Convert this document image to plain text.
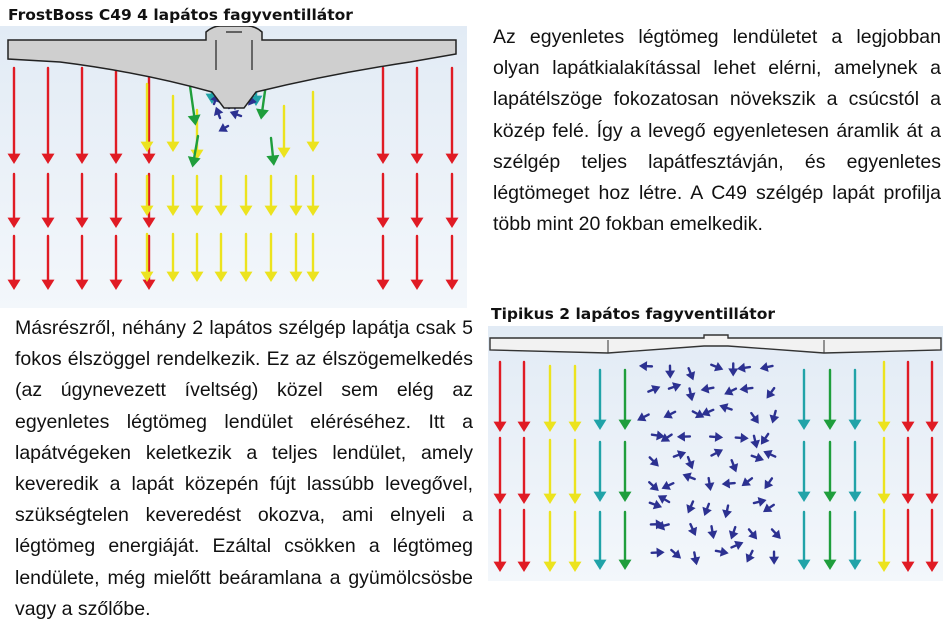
FrostBoss C49 4 lapátos fagyventillátor
Az egyenletes légtömeg lendületet a legjobban olyan lapátkialakítással lehet elérni, amelynek a lapátélszöge fokozatosan növekszik a csúcstól a közép felé. Így a levegő egyenletesen áramlik át a szélgép teljes lapátfesztávján, és egyenletes légtömeget hoz létre. A C49 szélgép lapát profilja több mint 20 fokban emelkedik.
Tipikus 2 lapátos fagyventillátor
Másrészről, néhány 2 lapátos szélgép lapátja csak 5 fokos élszöggel rendelkezik. Ez az élszögemelkedés (az úgynevezett íveltség) közel sem elég az egyenletes légtömeg lendület eléréséhez. Itt a lapátvégeken keletkezik a teljes lendület, amely keveredik a lapát közepén fújt lassúbb levegővel, szükségtelen keveredést okozva, ami elnyeli a légtömeg energiáját. Ezáltal csökken a légtömeg lendülete, még mielőtt beáramlana a gyümölcsösbe vagy a szőlőbe.
